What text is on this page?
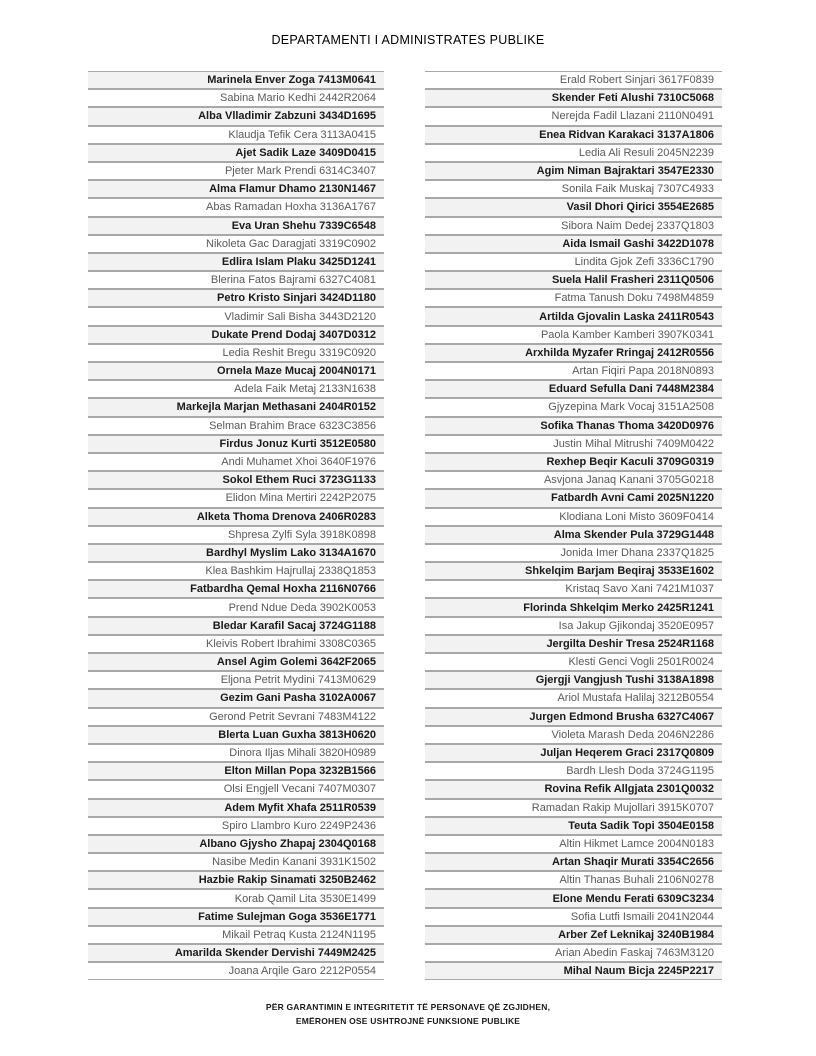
DEPARTAMENTI I ADMINISTRATES PUBLIKE
Marinela Enver Zoga 7413M0641
Sabina Mario Kedhi 2442R2064
Alba Vlladimir Zabzuni 3434D1695
Klaudja Tefik Cera 3113A0415
Ajet Sadik Laze 3409D0415
Pjeter Mark Prendi 6314C3407
Alma Flamur Dhamo 2130N1467
Abas Ramadan Hoxha 3136A1767
Eva Uran Shehu 7339C6548
Nikoleta Gac Daragjati 3319C0902
Edlira Islam Plaku 3425D1241
Blerina Fatos Bajrami 6327C4081
Petro Kristo Sinjari 3424D1180
Vladimir Sali Bisha 3443D2120
Dukate Prend Dodaj 3407D0312
Ledia Reshit Bregu 3319C0920
Ornela Maze Mucaj 2004N0171
Adela Faik Metaj 2133N1638
Markejla Marjan Methasani 2404R0152
Selman Brahim Brace 6323C3856
Firdus Jonuz Kurti 3512E0580
Andi Muhamet Xhoi 3640F1976
Sokol Ethem Ruci 3723G1133
Elidon Mina Mertiri 2242P2075
Alketa Thoma Drenova 2406R0283
Shpresa Zylfi Syla 3918K0898
Bardhyl Myslim Lako 3134A1670
Klea Bashkim Hajrullaj 2338Q1853
Fatbardha Qemal Hoxha 2116N0766
Prend Ndue Deda 3902K0053
Bledar Karafil Sacaj 3724G1188
Kleivis Robert Ibrahimi 3308C0365
Ansel Agim Golemi 3642F2065
Eljona Petrit Mydini 7413M0629
Gezim Gani Pasha 3102A0067
Gerond Petrit Sevrani 7483M4122
Blerta Luan Guxha 3813H0620
Dinora Iljas Mihali 3820H0989
Elton Millan Popa 3232B1566
Olsi Engjell Vecani 7407M0307
Adem Myfit Xhafa 2511R0539
Spiro Llambro Kuro 2249P2436
Albano Gjysho Zhapaj 2304Q0168
Nasibe Medin Kanani 3931K1502
Hazbie Rakip Sinamati 3250B2462
Korab Qamil Lita 3530E1499
Fatime Sulejman Goga 3536E1771
Mikail Petraq Kusta 2124N1195
Amarilda Skender Dervishi 7449M2425
Joana Arqile Garo 2212P0554
Erald Robert Sinjari 3617F0839
Skender Feti Alushi 7310C5068
Nerejda Fadil Llazani 2110N0491
Enea Ridvan Karakaci 3137A1806
Ledia Ali Resuli 2045N2239
Agim Niman Bajraktari 3547E2330
Sonila Faik Muskaj 7307C4933
Vasil Dhori Qirici 3554E2685
Sibora Naim Dedej 2337Q1803
Aida Ismail Gashi 3422D1078
Lindita Gjok Zefi 3336C1790
Suela Halil Frasheri 2311Q0506
Fatma Tanush Doku 7498M4859
Artilda Gjovalin Laska 2411R0543
Paola Kamber Kamberi 3907K0341
Arxhilda Myzafer Rringaj 2412R0556
Artan Fiqiri Papa 2018N0893
Eduard Sefulla Dani 7448M2384
Gjyzepina Mark Vocaj 3151A2508
Sofika Thanas Thoma 3420D0976
Justin Mihal Mitrushi 7409M0422
Rexhep Beqir Kaculi 3709G0319
Asvjona Janaq Kanani 3705G0218
Fatbardh Avni Cami 2025N1220
Klodiana Loni Misto 3609F0414
Alma Skender Pula 3729G1448
Jonida Imer Dhana 2337Q1825
Shkelqim Barjam Beqiraj 3533E1602
Kristaq Savo Xani 7421M1037
Florinda Shkelqim Merko 2425R1241
Isa Jakup Gjikondaj 3520E0957
Jergilta Deshir Tresa 2524R1168
Klesti Genci Vogli 2501R0024
Gjergji Vangjush Tushi 3138A1898
Ariol Mustafa Halilaj 3212B0554
Jurgen Edmond Brusha 6327C4067
Violeta Marash Deda 2046N2286
Juljan Heqerem Graci 2317Q0809
Bardh Llesh Doda 3724G1195
Rovina Refik Allgjata 2301Q0032
Ramadan Rakip Mujollari 3915K0707
Teuta Sadik Topi 3504E0158
Altin Hikmet Lamce 2004N0183
Artan Shaqir Murati 3354C2656
Altin Thanas Buhali 2106N0278
Elone Mendu Ferati 6309C3234
Sofia Lutfi Ismaili 2041N2044
Arber Zef Leknikaj 3240B1984
Arian Abedin Faskaj 7463M3120
Mihal Naum Bicja 2245P2217
PËR GARANTIMIN E INTEGRITETIT TË PERSONAVE QË ZGJIDHEN,
EMËROHEN OSE USHTROJNË FUNKSIONE PUBLIKE
